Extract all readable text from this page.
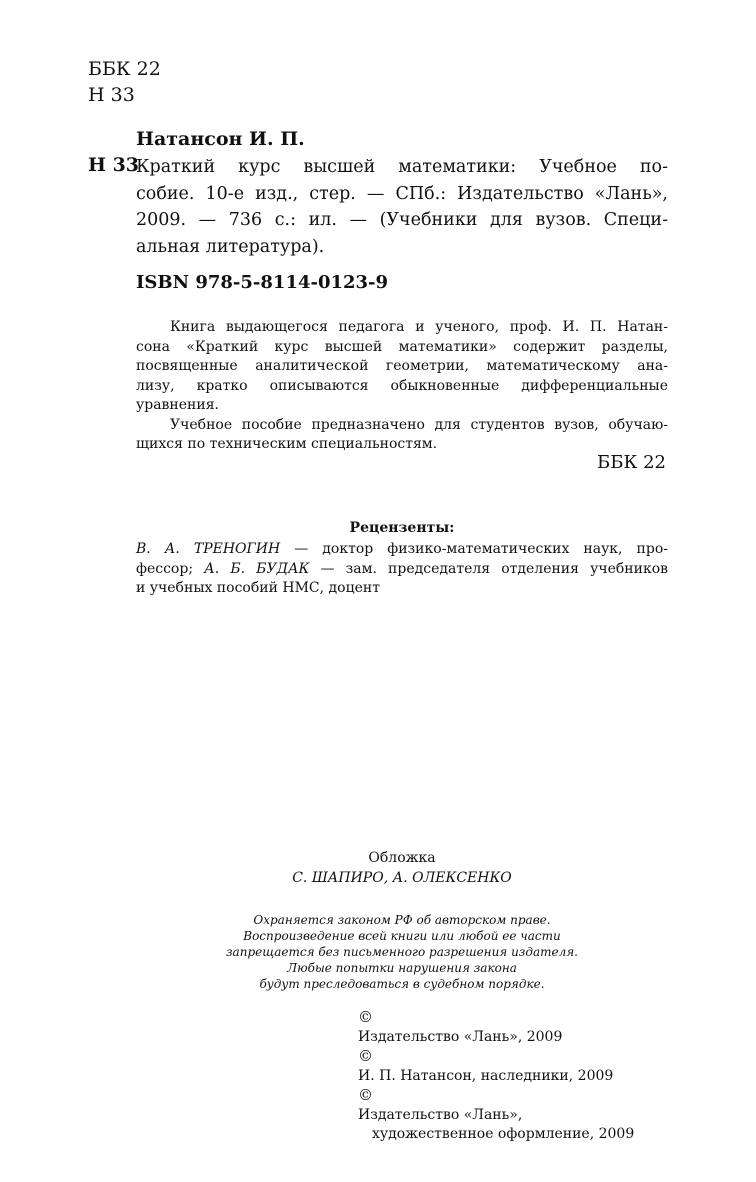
ББК 22
Н 33
Натансон И. П.
Н 33
Краткий курс высшей математики: Учебное по-
собие. 10-е изд., стер. — СПб.: Издательство «Лань»,
2009. — 736 с.: ил. — (Учебники для вузов. Специ-
альная литература).
ISBN 978-5-8114-0123-9
Книга выдающегося педагога и ученого, проф. И. П. Натан-
сона «Краткий курс высшей математики» содержит разделы,
посвященные аналитической геометрии, математическому ана-
лизу, кратко описываются обыкновенные дифференциальные
уравнения.
Учебное пособие предназначено для студентов вузов, обучаю-
щихся по техническим специальностям.
ББК 22
Рецензенты:
В. А. ТРЕНОГИН — доктор физико-математических наук, про-
фессор; А. Б. БУДАК — зам. председателя отделения учебников
и учебных пособий НМС, доцент
Обложка
С. ШАПИРО, А. ОЛЕКСЕНКО
Охраняется законом РФ об авторском праве.
Воспроизведение всей книги или любой ее части
запрещается без письменного разрешения издателя.
Любые попытки нарушения закона
будут преследоваться в судебном порядке.
©
Издательство «Лань», 2009
©
И. П. Натансон, наследники, 2009
©
Издательство «Лань»,
художественное оформление, 2009
